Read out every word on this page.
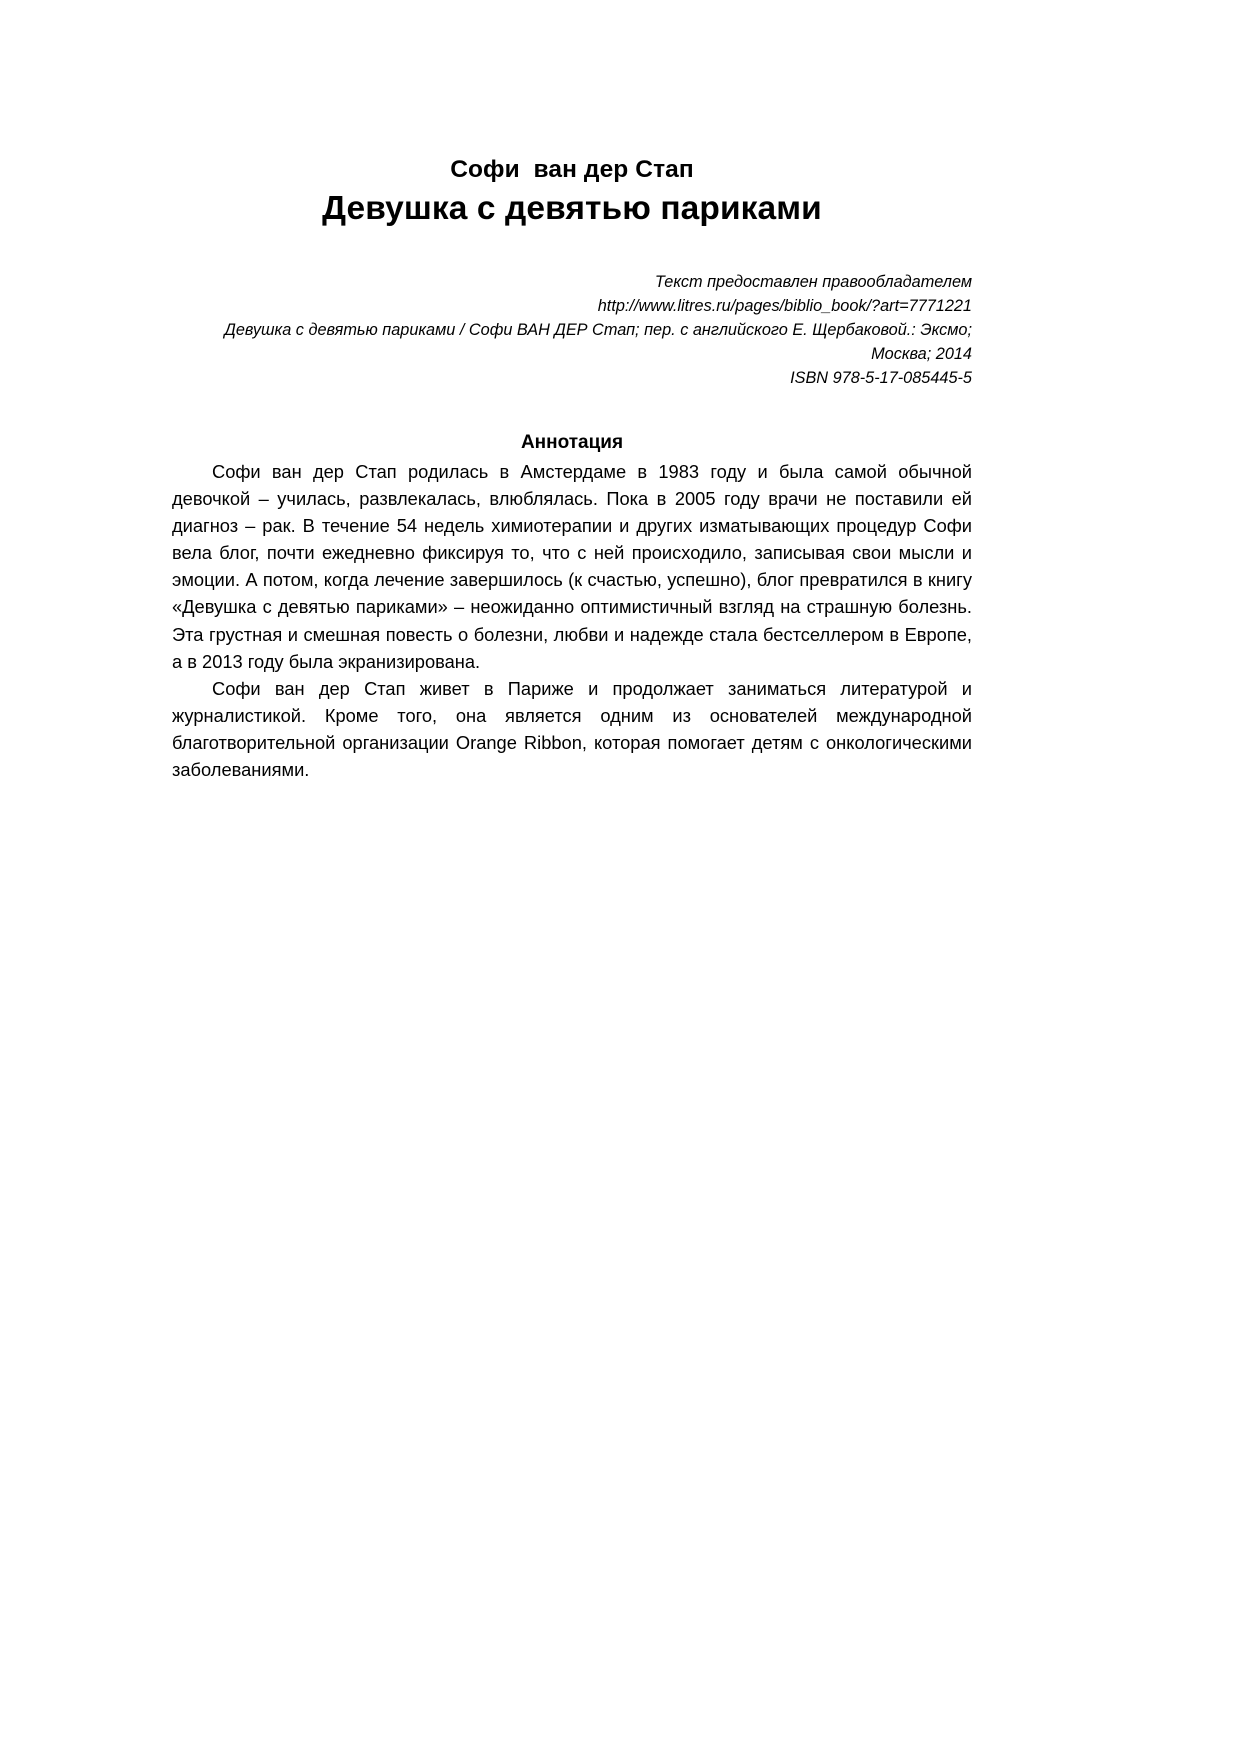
Софи  ван дер Стап
Девушка с девятью париками
Текст предоставлен правообладателем
http://www.litres.ru/pages/biblio_book/?art=7771221
Девушка с девятью париками / Софи ВАН ДЕР Стап; пер. с английского Е. Щербаковой.: Эксмо;
Москва; 2014
ISBN 978-5-17-085445-5
Аннотация
Софи ван дер Стап родилась в Амстердаме в 1983 году и была самой обычной девочкой – училась, развлекалась, влюблялась. Пока в 2005 году врачи не поставили ей диагноз – рак. В течение 54 недель химиотерапии и других изматывающих процедур Софи вела блог, почти ежедневно фиксируя то, что с ней происходило, записывая свои мысли и эмоции. А потом, когда лечение завершилось (к счастью, успешно), блог превратился в книгу «Девушка с девятью париками» – неожиданно оптимистичный взгляд на страшную болезнь. Эта грустная и смешная повесть о болезни, любви и надежде стала бестселлером в Европе, а в 2013 году была экранизирована.
Софи ван дер Стап живет в Париже и продолжает заниматься литературой и журналистикой. Кроме того, она является одним из основателей международной благотворительной организации Orange Ribbon, которая помогает детям с онкологическими заболеваниями.
